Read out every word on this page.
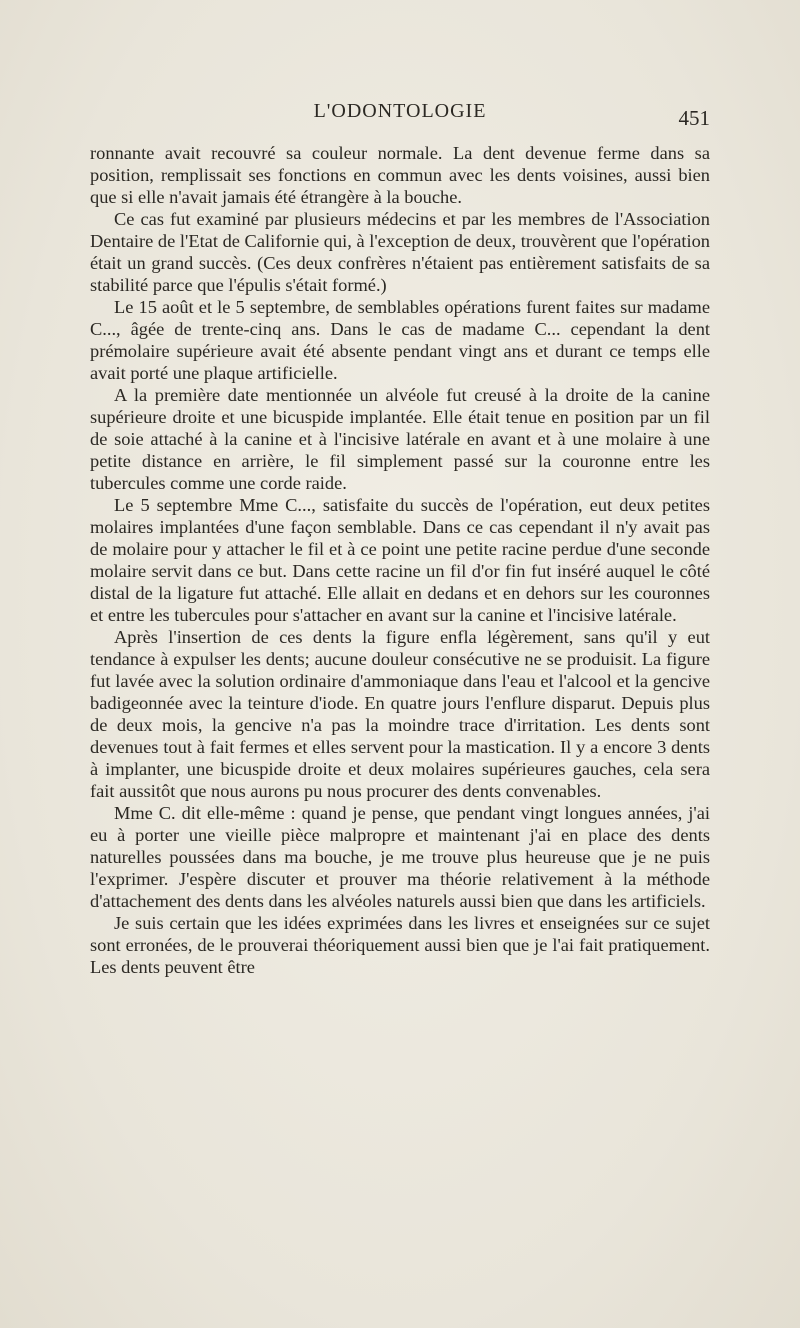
L'ODONTOLOGIE	451

ronnante avait recouvré sa couleur normale. La dent devenue ferme dans sa position, remplissait ses fonctions en commun avec les dents voisines, aussi bien que si elle n'avait jamais été étrangère à la bouche.

Ce cas fut examiné par plusieurs médecins et par les membres de l'Association Dentaire de l'Etat de Californie qui, à l'exception de deux, trouvèrent que l'opération était un grand succès. (Ces deux confrères n'étaient pas entièrement satisfaits de sa stabilité parce que l'épulis s'était formé.)

Le 15 août et le 5 septembre, de semblables opérations furent faites sur madame C..., âgée de trente-cinq ans. Dans le cas de madame C... cependant la dent prémolaire supérieure avait été absente pendant vingt ans et durant ce temps elle avait porté une plaque artificielle.

A la première date mentionnée un alvéole fut creusé à la droite de la canine supérieure droite et une bicuspide implantée. Elle était tenue en position par un fil de soie attaché à la canine et à l'incisive latérale en avant et à une molaire à une petite distance en arrière, le fil simplement passé sur la couronne entre les tubercules comme une corde raide.

Le 5 septembre Mme C..., satisfaite du succès de l'opération, eut deux petites molaires implantées d'une façon semblable. Dans ce cas cependant il n'y avait pas de molaire pour y attacher le fil et à ce point une petite racine perdue d'une seconde molaire servit dans ce but. Dans cette racine un fil d'or fin fut inséré auquel le côté distal de la ligature fut attaché. Elle allait en dedans et en dehors sur les couronnes et entre les tubercules pour s'attacher en avant sur la canine et l'incisive latérale.

Après l'insertion de ces dents la figure enfla légèrement, sans qu'il y eut tendance à expulser les dents; aucune douleur consécutive ne se produisit. La figure fut lavée avec la solution ordinaire d'ammoniaque dans l'eau et l'alcool et la gencive badigeonnée avec la teinture d'iode. En quatre jours l'enflure disparut. Depuis plus de deux mois, la gencive n'a pas la moindre trace d'irritation. Les dents sont devenues tout à fait fermes et elles servent pour la mastication. Il y a encore 3 dents à implanter, une bicuspide droite et deux molaires supérieures gauches, cela sera fait aussitôt que nous aurons pu nous procurer des dents convenables.

Mme C. dit elle-même : quand je pense, que pendant vingt longues années, j'ai eu à porter une vieille pièce malpropre et maintenant j'ai en place des dents naturelles poussées dans ma bouche, je me trouve plus heureuse que je ne puis l'exprimer. J'espère discuter et prouver ma théorie relativement à la méthode d'attachement des dents dans les alvéoles naturels aussi bien que dans les artificiels.

Je suis certain que les idées exprimées dans les livres et enseignées sur ce sujet sont erronées, de le prouverai théoriquement aussi bien que je l'ai fait pratiquement. Les dents peuvent être
